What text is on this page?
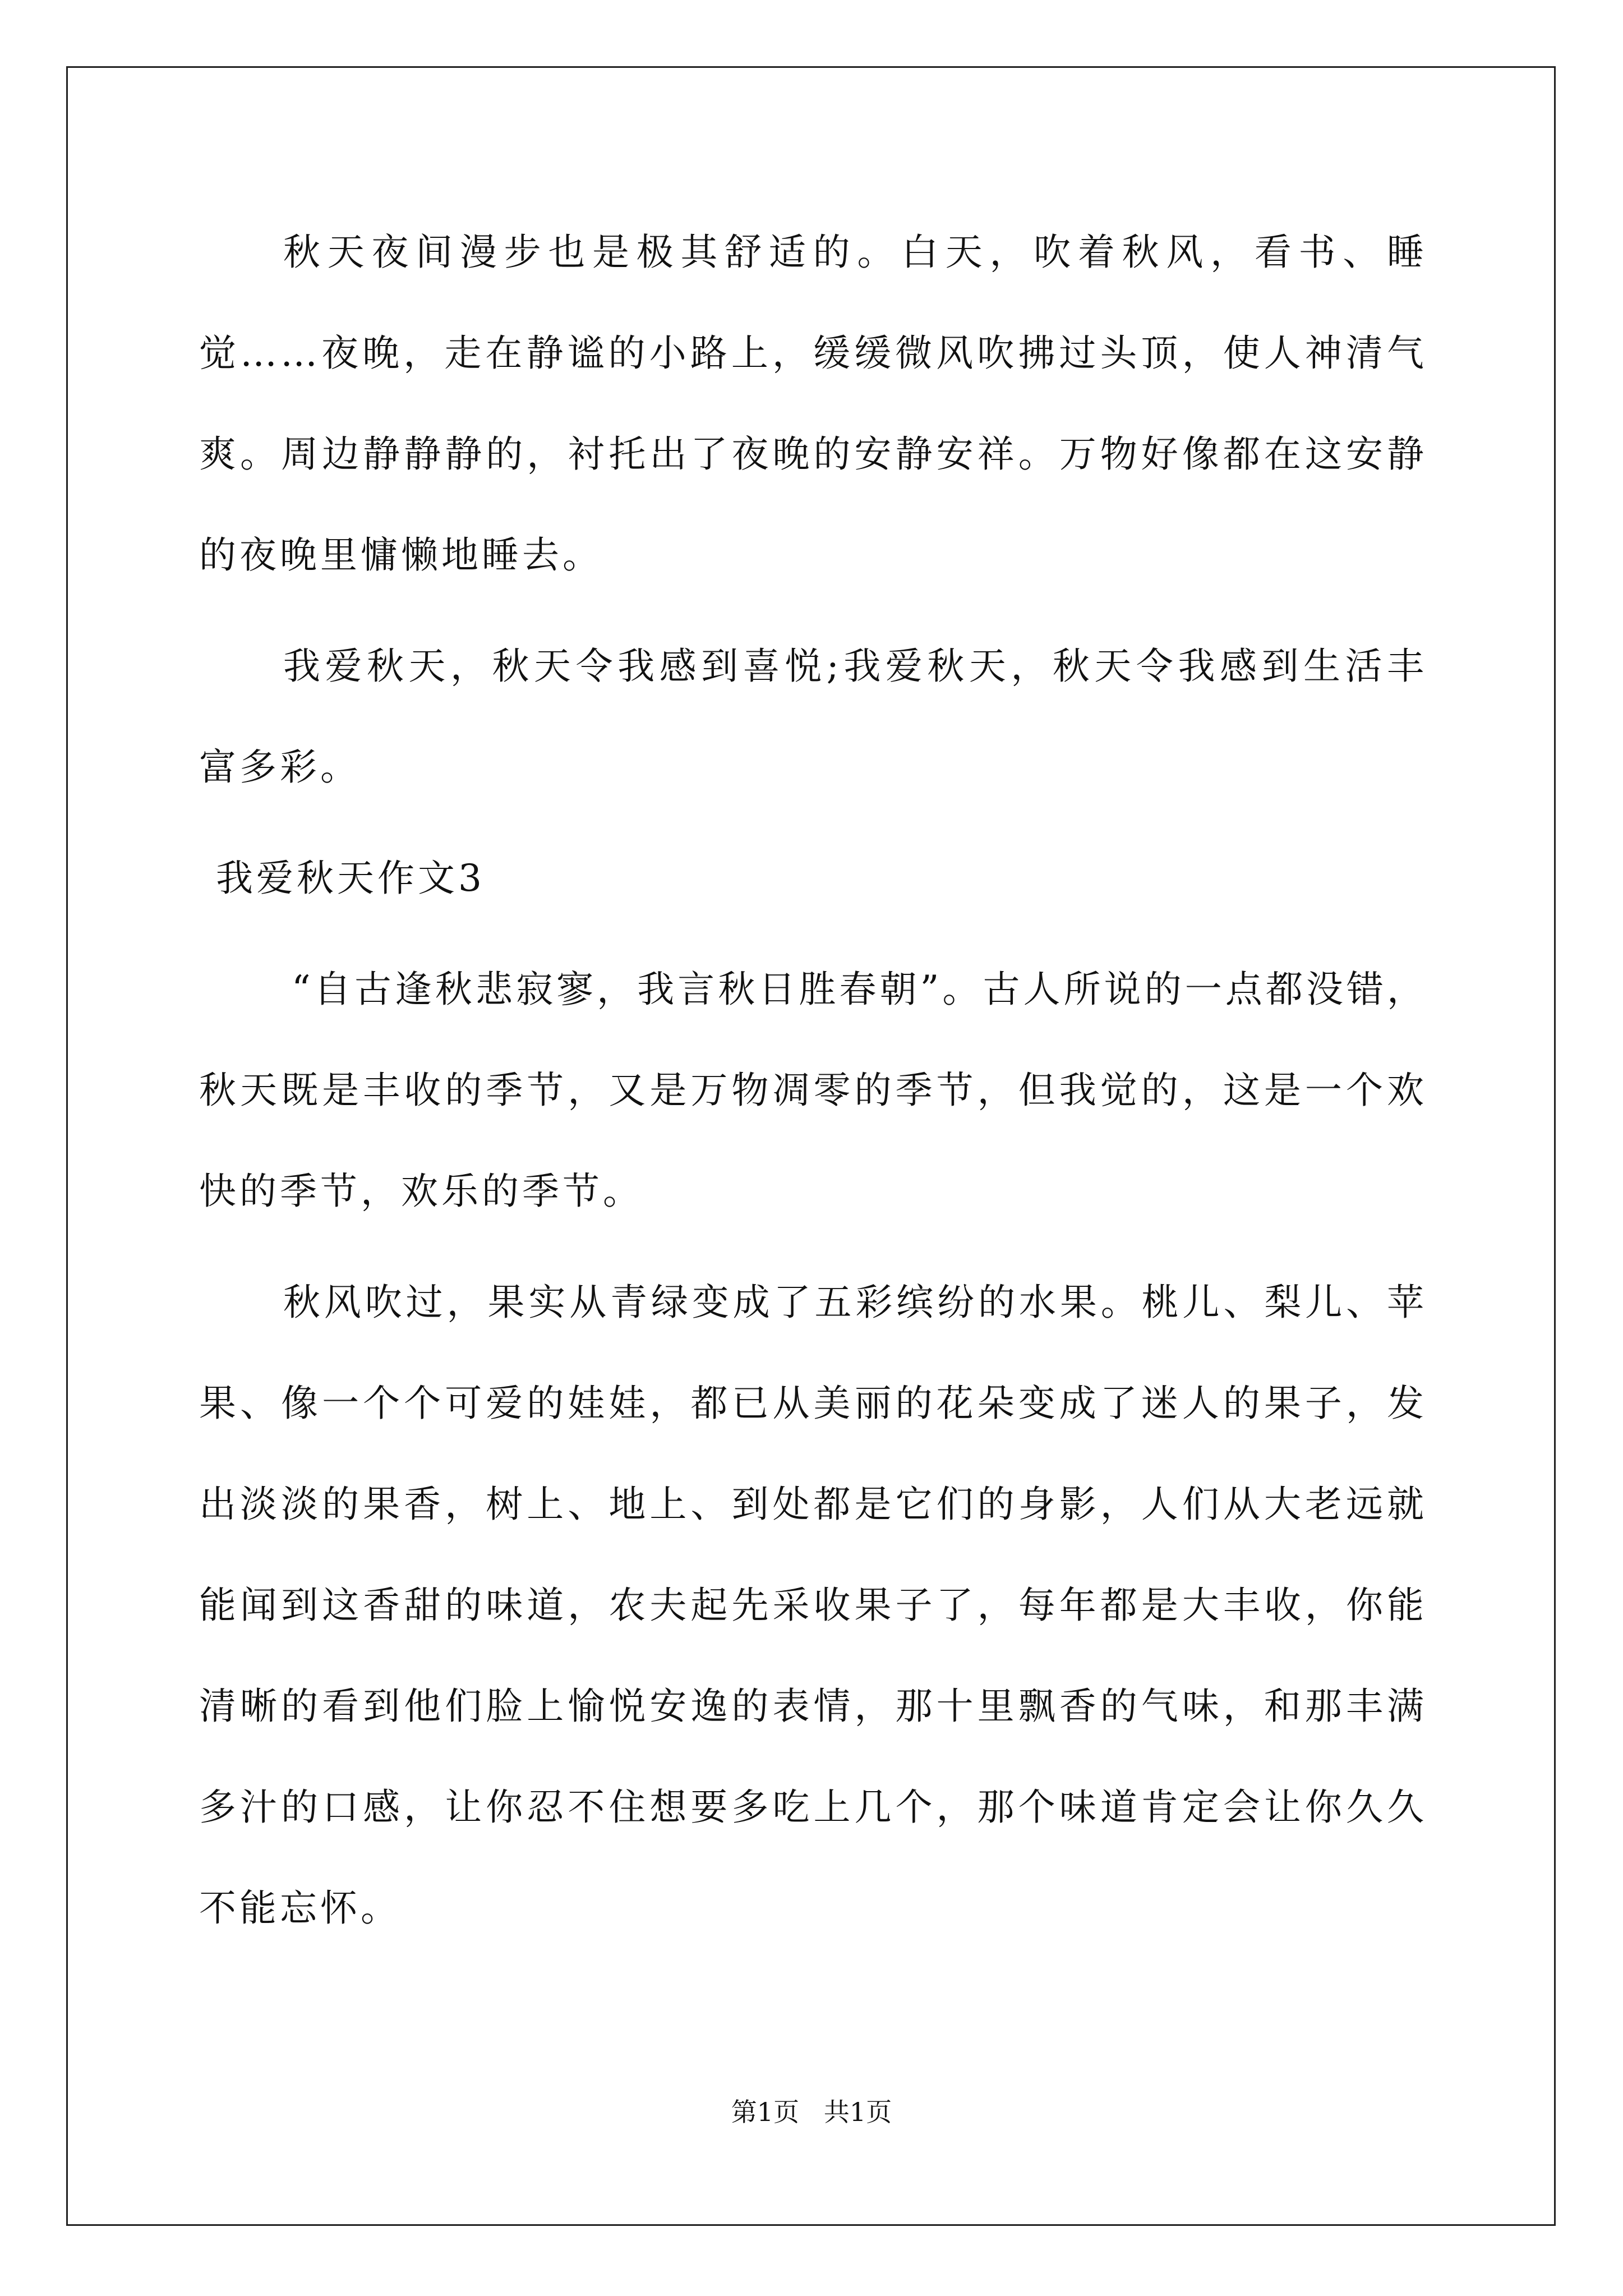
秋天夜间漫步也是极其舒适的。白天，吹着秋风，看书、睡觉……夜晚，走在静谧的小路上，缓缓微风吹拂过头顶，使人神清气爽。周边静静静的，衬托出了夜晚的安静安祥。万物好像都在这安静的夜晚里慵懒地睡去。

我爱秋天，秋天令我感到喜悦;我爱秋天，秋天令我感到生活丰富多彩。

我爱秋天作文3

“自古逢秋悲寂寥，我言秋日胜春朝”。古人所说的一点都没错，秋天既是丰收的季节，又是万物凋零的季节，但我觉的，这是一个欢快的季节，欢乐的季节。

秋风吹过，果实从青绿变成了五彩缤纷的水果。桃儿、梨儿、苹果、像一个个可爱的娃娃，都已从美丽的花朵变成了迷人的果子，发出淡淡的果香，树上、地上、到处都是它们的身影，人们从大老远就能闻到这香甜的味道，农夫起先采收果子了，每年都是大丰收，你能清晰的看到他们脸上愉悦安逸的表情，那十里飘香的气味，和那丰满多汁的口感，让你忍不住想要多吃上几个，那个味道肯定会让你久久不能忘怀。

第1页   共1页
